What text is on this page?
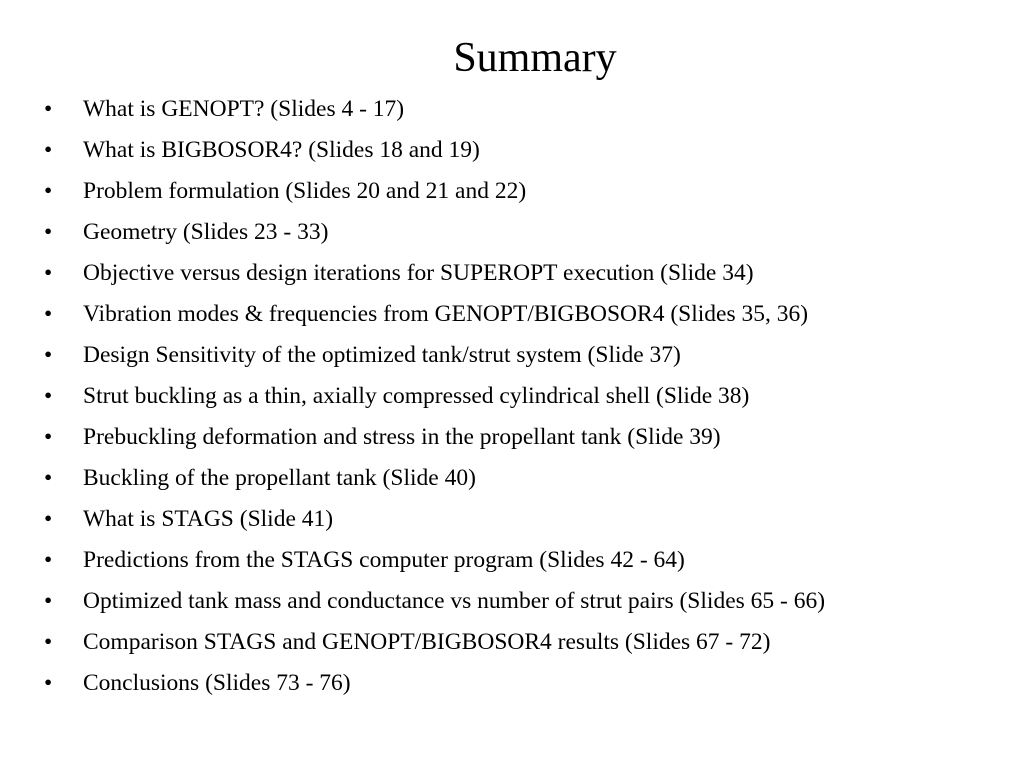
Summary
•	What is GENOPT? (Slides 4 - 17)
•	What is BIGBOSOR4? (Slides 18 and 19)
•	Problem formulation (Slides 20 and 21 and 22)
•	Geometry (Slides 23 - 33)
•	Objective versus design iterations for SUPEROPT execution (Slide 34)
•	Vibration modes & frequencies from GENOPT/BIGBOSOR4 (Slides 35, 36)
•	Design Sensitivity of the optimized tank/strut system (Slide 37)
•	Strut buckling as a thin, axially compressed cylindrical shell (Slide 38)
•	Prebuckling deformation and stress in the propellant tank (Slide 39)
•	Buckling of the propellant tank (Slide 40)
•	What is STAGS (Slide 41)
•	Predictions from the STAGS computer program (Slides 42 - 64)
•	Optimized tank mass and conductance vs number of strut pairs (Slides 65 - 66)
•	Comparison STAGS and GENOPT/BIGBOSOR4 results (Slides 67 - 72)
•	Conclusions (Slides 73 - 76)
